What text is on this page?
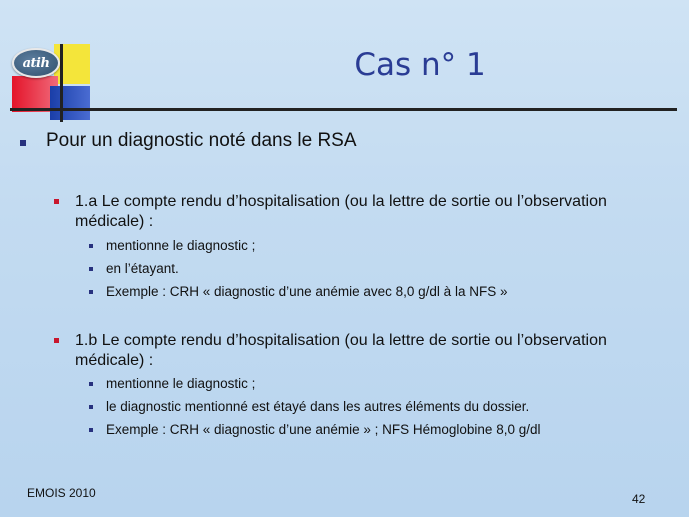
atih	Cas n° 1
Pour un diagnostic noté dans le RSA
1.a Le compte rendu d’hospitalisation (ou la lettre de sortie ou l’observation médicale) :
mentionne le diagnostic ;
en l’étayant.
Exemple : CRH « diagnostic d’une anémie avec 8,0 g/dl à la NFS »
1.b Le compte rendu d’hospitalisation (ou la lettre de sortie ou l’observation médicale) :
mentionne le diagnostic ;
le diagnostic mentionné est étayé dans les autres éléments du dossier.
Exemple : CRH « diagnostic d’une anémie » ; NFS Hémoglobine 8,0 g/dl
EMOIS 2010	42
